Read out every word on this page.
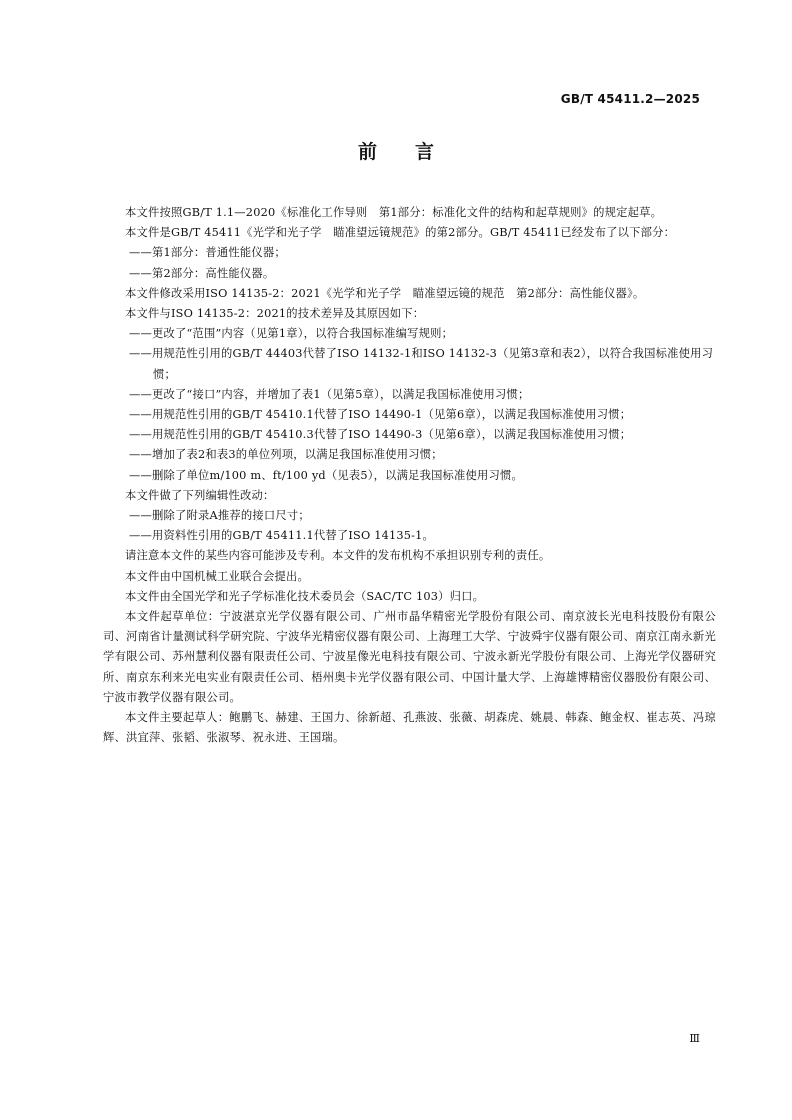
GB/T 45411.2—2025
前言

本文件按照GB/T 1.1—2020《标准化工作导则　第1部分：标准化文件的结构和起草规则》的规定起草。

本文件是GB/T 45411《光学和光子学　瞄准望远镜规范》的第2部分。GB/T 45411已经发布了以下部分：

——第1部分：普通性能仪器；

——第2部分：高性能仪器。

本文件修改采用ISO 14135-2：2021《光学和光子学　瞄准望远镜的规范　第2部分：高性能仪器》。

本文件与ISO 14135-2：2021的技术差异及其原因如下：

——更改了“范围”内容（见第1章），以符合我国标准编写规则；

——用规范性引用的GB/T 44403代替了ISO 14132-1和ISO 14132-3（见第3章和表2），以符合我国标准使用习惯；

——更改了“接口”内容，并增加了表1（见第5章），以满足我国标准使用习惯；

——用规范性引用的GB/T 45410.1代替了ISO 14490-1（见第6章），以满足我国标准使用习惯；

——用规范性引用的GB/T 45410.3代替了ISO 14490-3（见第6章），以满足我国标准使用习惯；

——增加了表2和表3的单位列项，以满足我国标准使用习惯；

——删除了单位m/100 m、ft/100 yd（见表5），以满足我国标准使用习惯。

本文件做了下列编辑性改动：

——删除了附录A推荐的接口尺寸；

——用资料性引用的GB/T 45411.1代替了ISO 14135-1。

请注意本文件的某些内容可能涉及专利。本文件的发布机构不承担识别专利的责任。

本文件由中国机械工业联合会提出。

本文件由全国光学和光子学标准化技术委员会（SAC/TC 103）归口。

本文件起草单位：宁波湛京光学仪器有限公司、广州市晶华精密光学股份有限公司、南京波长光电科技股份有限公司、河南省计量测试科学研究院、宁波华光精密仪器有限公司、上海理工大学、宁波舜宇仪器有限公司、南京江南永新光学有限公司、苏州慧利仪器有限责任公司、宁波星像光电科技有限公司、宁波永新光学股份有限公司、上海光学仪器研究所、南京东利来光电实业有限责任公司、梧州奥卡光学仪器有限公司、中国计量大学、上海雄博精密仪器股份有限公司、宁波市教学仪器有限公司。

本文件主要起草人：鲍鹏飞、赫建、王国力、徐新超、孔燕波、张薇、胡森虎、姚晨、韩森、鲍金权、崔志英、冯琼辉、洪宜萍、张韬、张淑琴、祝永进、王国瑞。

Ⅲ
